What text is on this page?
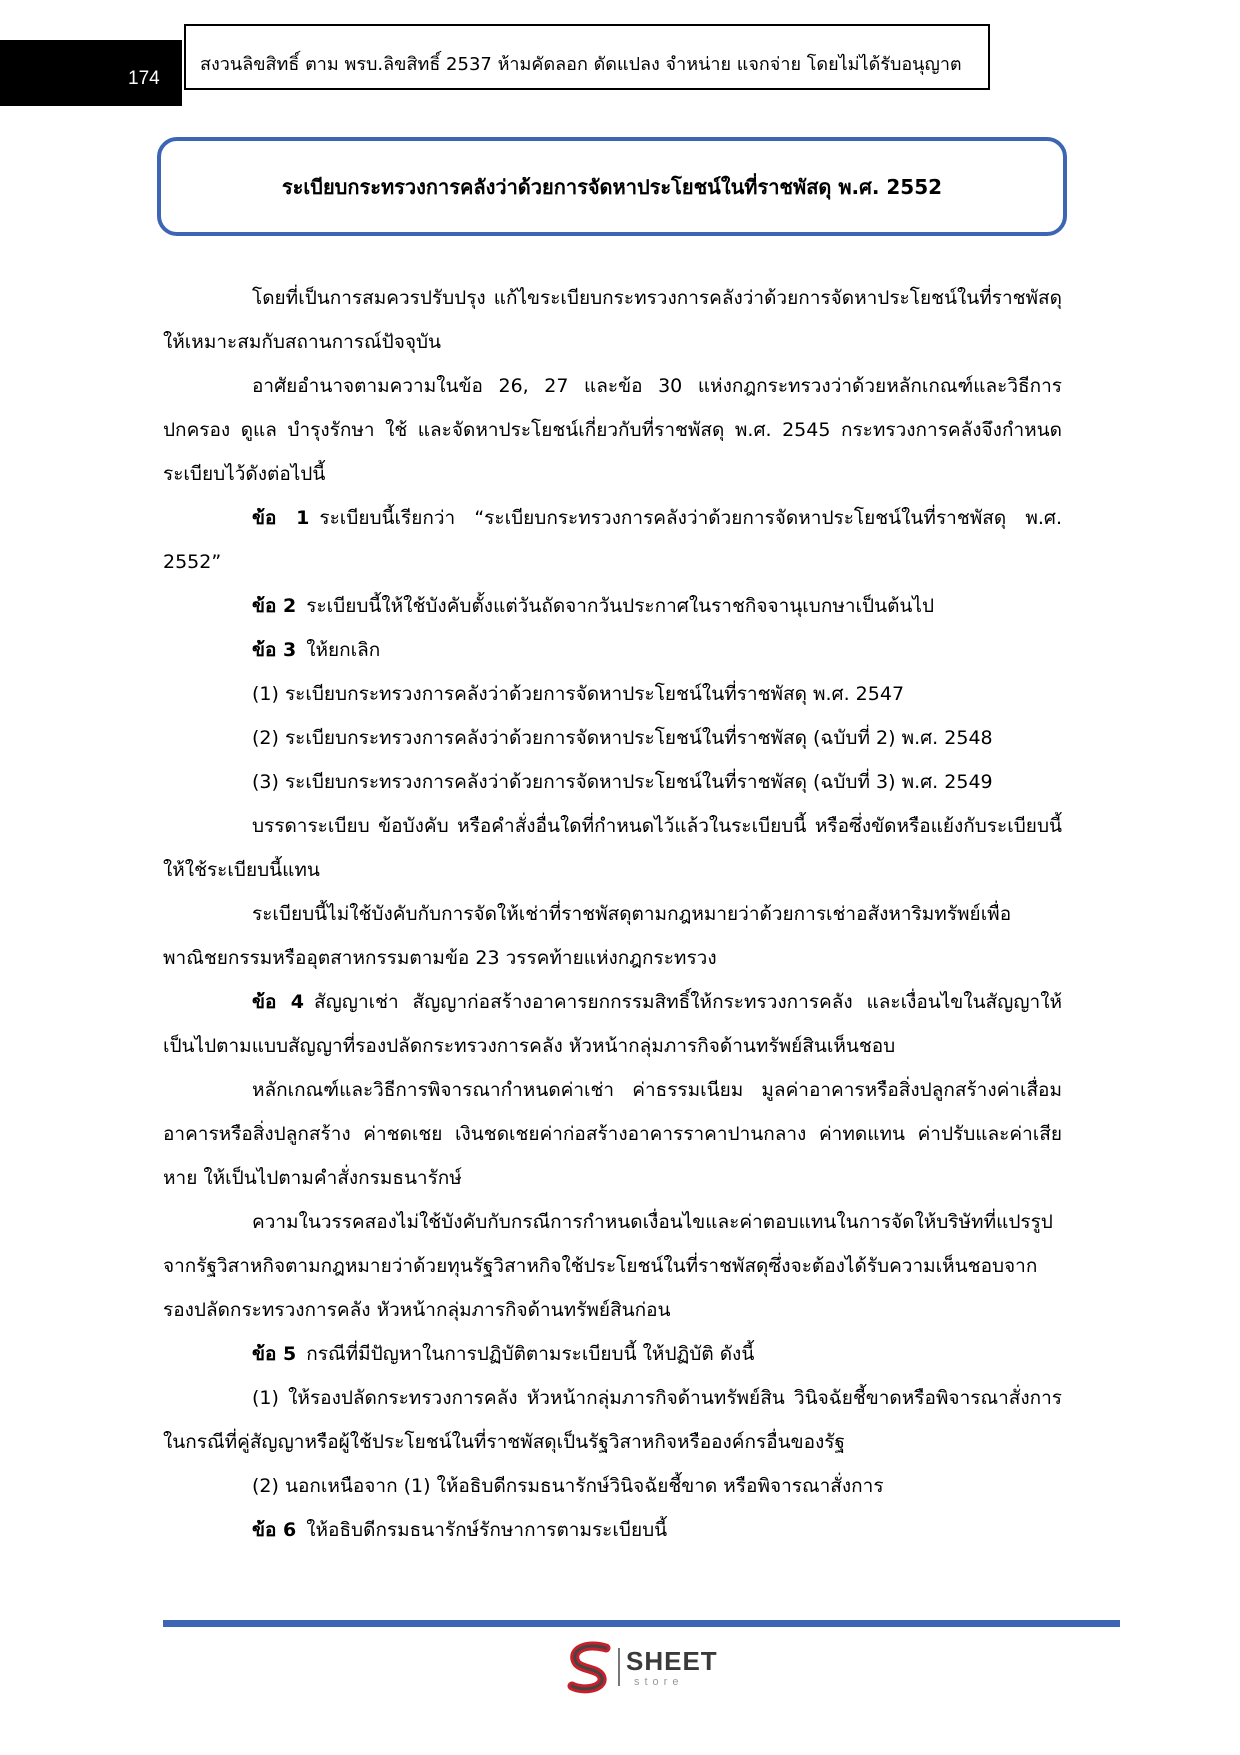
174
สงวนลิขสิทธิ์ ตาม พรบ.ลิขสิทธิ์ 2537 ห้ามคัดลอก ดัดแปลง จำหน่าย แจกจ่าย โดยไม่ได้รับอนุญาต
ระเบียบกระทรวงการคลังว่าด้วยการจัดหาประโยชน์ในที่ราชพัสดุ พ.ศ. 2552

โดยที่เป็นการสมควรปรับปรุง แก้ไขระเบียบกระทรวงการคลังว่าด้วยการจัดหาประโยชน์ในที่ราชพัสดุให้เหมาะสมกับสถานการณ์ปัจจุบัน

อาศัยอำนาจตามความในข้อ 26, 27 และข้อ 30 แห่งกฎกระทรวงว่าด้วยหลักเกณฑ์และวิธีการปกครอง ดูแล บำรุงรักษา ใช้ และจัดหาประโยชน์เกี่ยวกับที่ราชพัสดุ พ.ศ. 2545 กระทรวงการคลังจึงกำหนดระเบียบไว้ดังต่อไปนี้

ข้อ 1 ระเบียบนี้เรียกว่า “ระเบียบกระทรวงการคลังว่าด้วยการจัดหาประโยชน์ในที่ราชพัสดุ พ.ศ. 2552”

ข้อ 2 ระเบียบนี้ให้ใช้บังคับตั้งแต่วันถัดจากวันประกาศในราชกิจจานุเบกษาเป็นต้นไป

ข้อ 3 ให้ยกเลิก

(1) ระเบียบกระทรวงการคลังว่าด้วยการจัดหาประโยชน์ในที่ราชพัสดุ พ.ศ. 2547

(2) ระเบียบกระทรวงการคลังว่าด้วยการจัดหาประโยชน์ในที่ราชพัสดุ (ฉบับที่ 2) พ.ศ. 2548

(3) ระเบียบกระทรวงการคลังว่าด้วยการจัดหาประโยชน์ในที่ราชพัสดุ (ฉบับที่ 3) พ.ศ. 2549

บรรดาระเบียบ ข้อบังคับ หรือคำสั่งอื่นใดที่กำหนดไว้แล้วในระเบียบนี้ หรือซึ่งขัดหรือแย้งกับระเบียบนี้ให้ใช้ระเบียบนี้แทน

ระเบียบนี้ไม่ใช้บังคับกับการจัดให้เช่าที่ราชพัสดุตามกฎหมายว่าด้วยการเช่าอสังหาริมทรัพย์เพื่อพาณิชยกรรมหรืออุตสาหกรรมตามข้อ 23 วรรคท้ายแห่งกฎกระทรวง

ข้อ 4 สัญญาเช่า สัญญาก่อสร้างอาคารยกกรรมสิทธิ์ให้กระทรวงการคลัง และเงื่อนไขในสัญญาให้เป็นไปตามแบบสัญญาที่รองปลัดกระทรวงการคลัง หัวหน้ากลุ่มภารกิจด้านทรัพย์สินเห็นชอบ

หลักเกณฑ์และวิธีการพิจารณากำหนดค่าเช่า ค่าธรรมเนียม มูลค่าอาคารหรือสิ่งปลูกสร้างค่าเสื่อมอาคารหรือสิ่งปลูกสร้าง ค่าชดเชย เงินชดเชยค่าก่อสร้างอาคารราคาปานกลาง ค่าทดแทน ค่าปรับและค่าเสียหาย ให้เป็นไปตามคำสั่งกรมธนารักษ์

ความในวรรคสองไม่ใช้บังคับกับกรณีการกำหนดเงื่อนไขและค่าตอบแทนในการจัดให้บริษัทที่แปรรูปจากรัฐวิสาหกิจตามกฎหมายว่าด้วยทุนรัฐวิสาหกิจใช้ประโยชน์ในที่ราชพัสดุซึ่งจะต้องได้รับความเห็นชอบจากรองปลัดกระทรวงการคลัง หัวหน้ากลุ่มภารกิจด้านทรัพย์สินก่อน

ข้อ 5 กรณีที่มีปัญหาในการปฏิบัติตามระเบียบนี้ ให้ปฏิบัติ ดังนี้

(1) ให้รองปลัดกระทรวงการคลัง หัวหน้ากลุ่มภารกิจด้านทรัพย์สิน วินิจฉัยชี้ขาดหรือพิจารณาสั่งการ ในกรณีที่คู่สัญญาหรือผู้ใช้ประโยชน์ในที่ราชพัสดุเป็นรัฐวิสาหกิจหรือองค์กรอื่นของรัฐ

(2) นอกเหนือจาก (1) ให้อธิบดีกรมธนารักษ์วินิจฉัยชี้ขาด หรือพิจารณาสั่งการ

ข้อ 6 ให้อธิบดีกรมธนารักษ์รักษาการตามระเบียบนี้

SHEET
store
